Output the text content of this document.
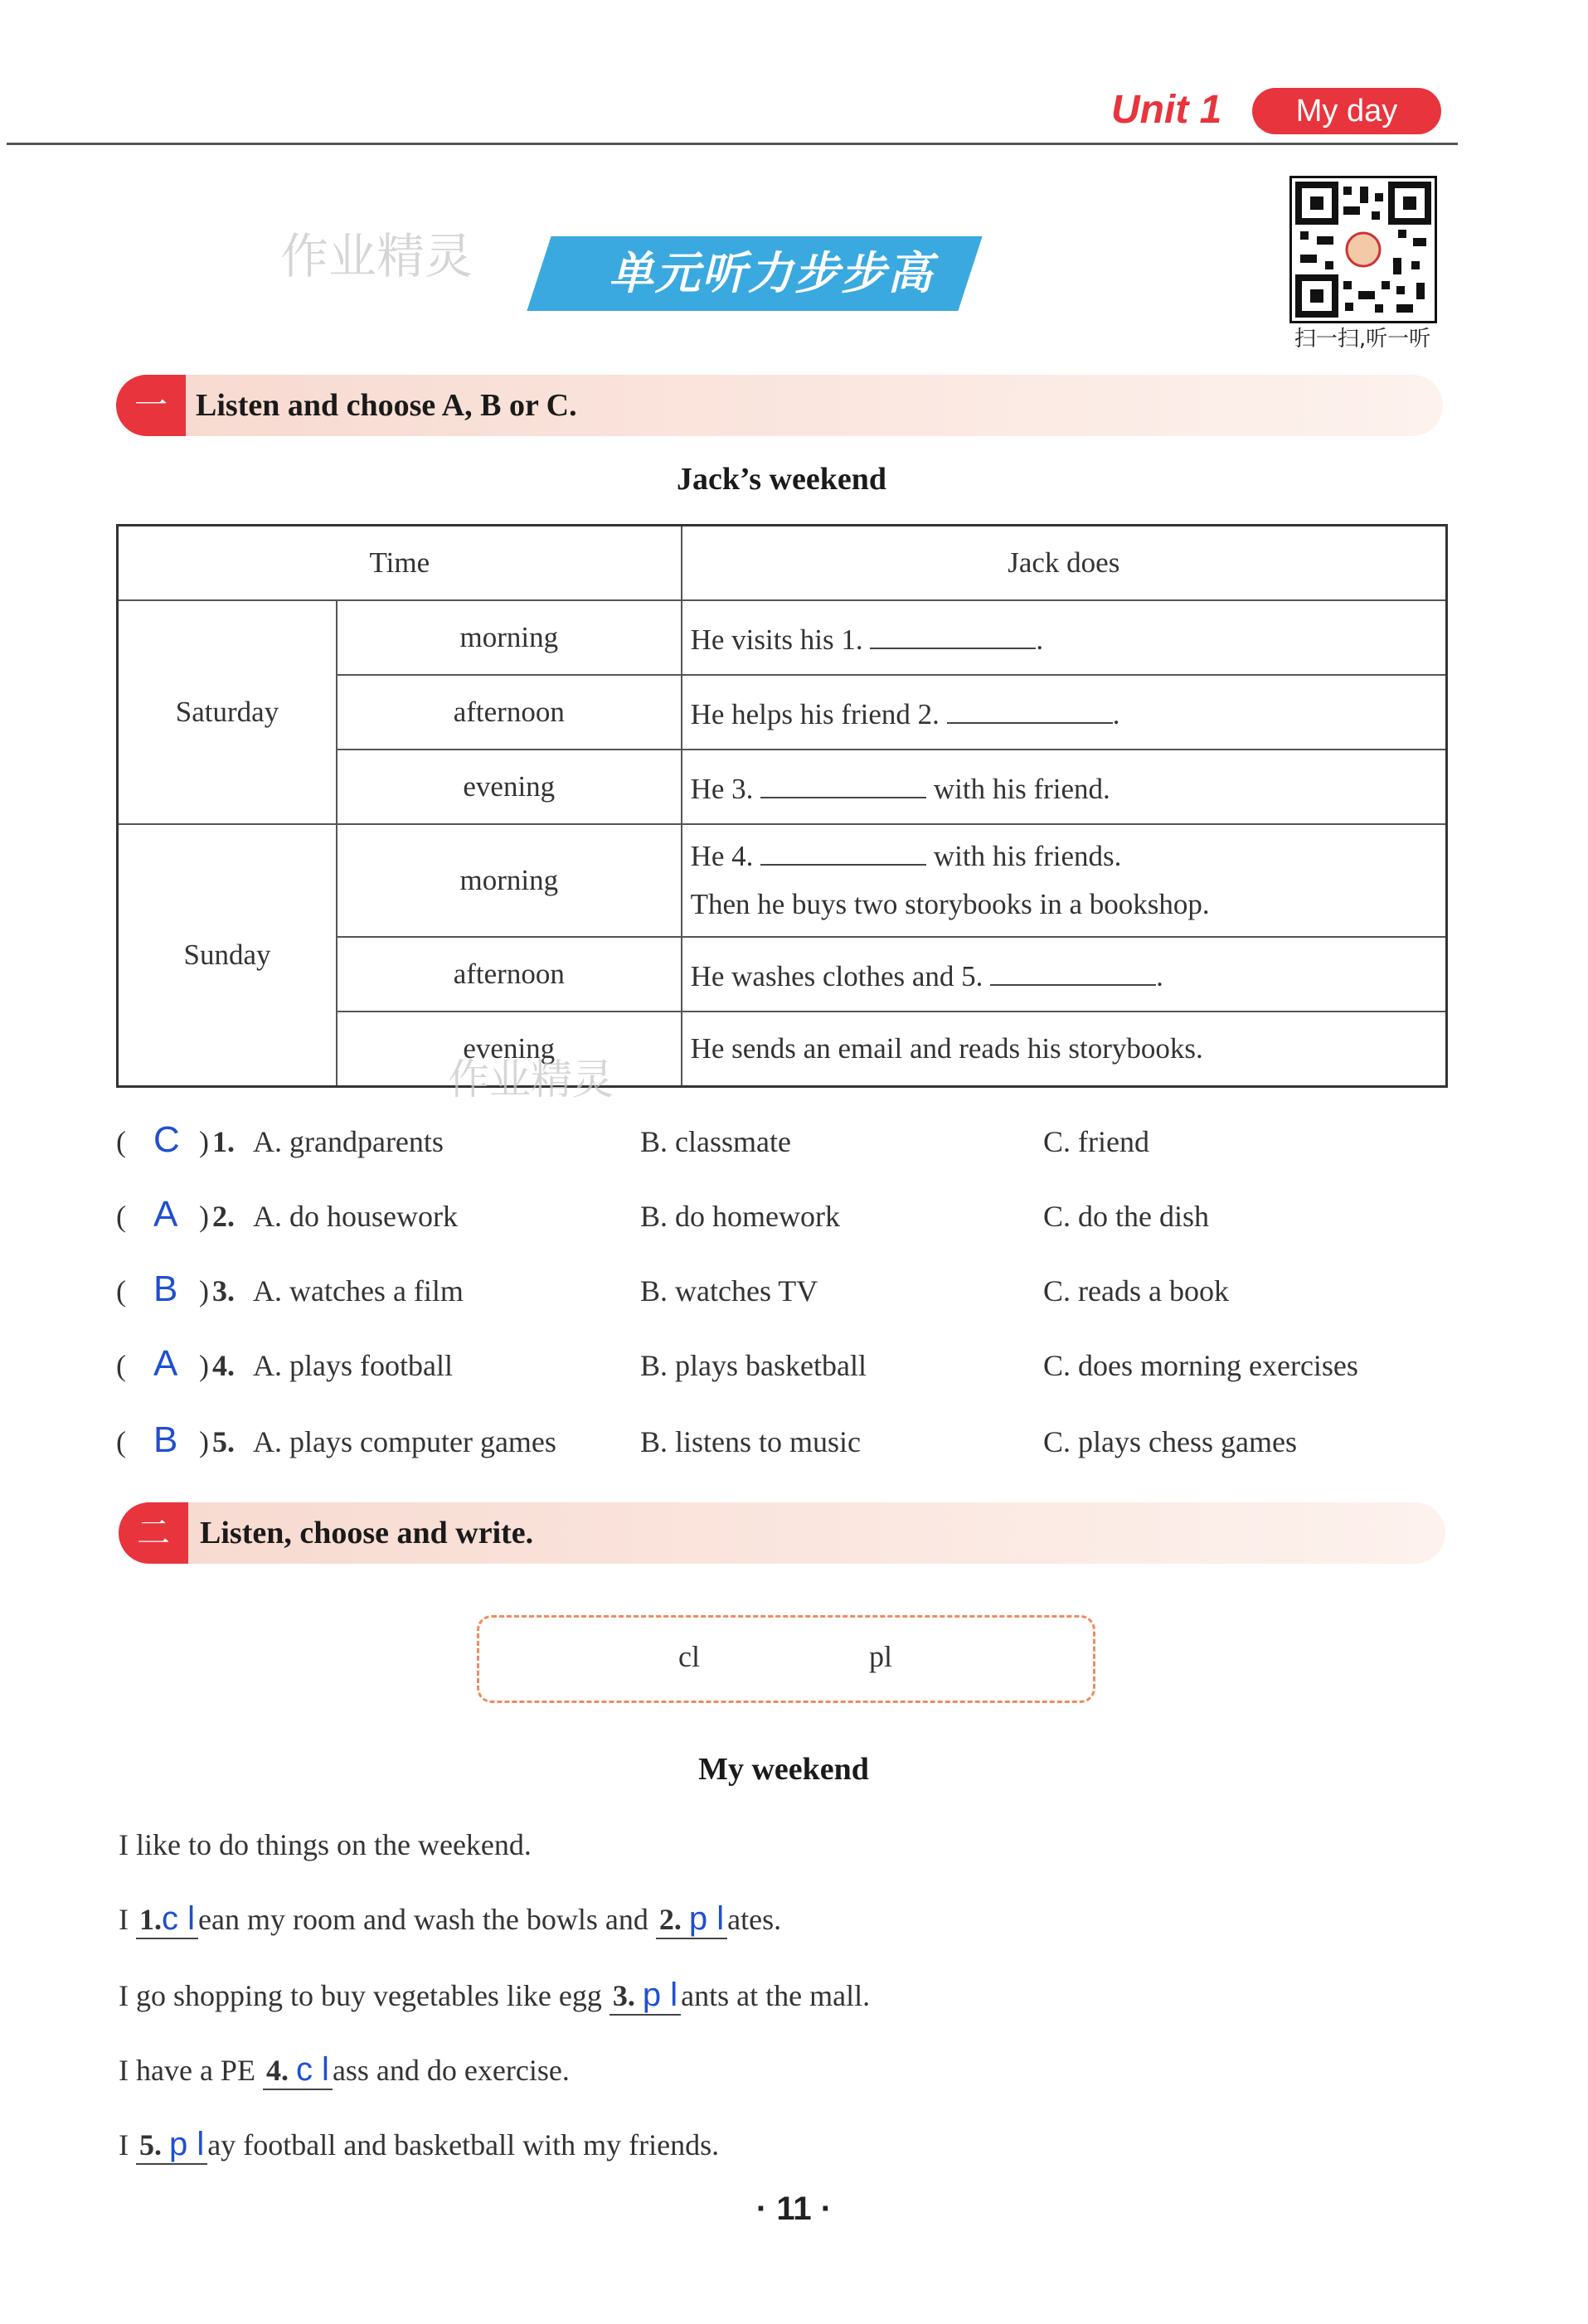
Unit 1	My day
作业精灵	单元听力步步高
扫一扫,听一听
一 Listen and choose A, B or C.
Jack’s weekend
Time		Jack does
Saturday	morning	He visits his 1. .
	afternoon	He helps his friend 2. .
	evening	He 3. with his friend.
Sunday	morning	He 4. with his friends.
Then he buys two storybooks in a bookshop.
	afternoon	He washes clothes and 5. .
	evening	He sends an email and reads his storybooks.
作业精灵
( C ) 1. A. grandparents	B. classmate	C. friend
( A ) 2. A. do housework	B. do homework	C. do the dish
( B ) 3. A. watches a film	B. watches TV	C. reads a book
( A ) 4. A. plays football	B. plays basketball	C. does morning exercises
( B ) 5. A. plays computer games	B. listens to music	C. plays chess games
二 Listen, choose and write.
cl	pl
My weekend
I like to do things on the weekend.
I 1.c l ean my room and wash the bowls and 2. p l ates.
I go shopping to buy vegetables like egg 3. p l ants at the mall.
I have a PE 4. c l ass and do exercise.
I 5. p l ay football and basketball with my friends.
· 11 ·
